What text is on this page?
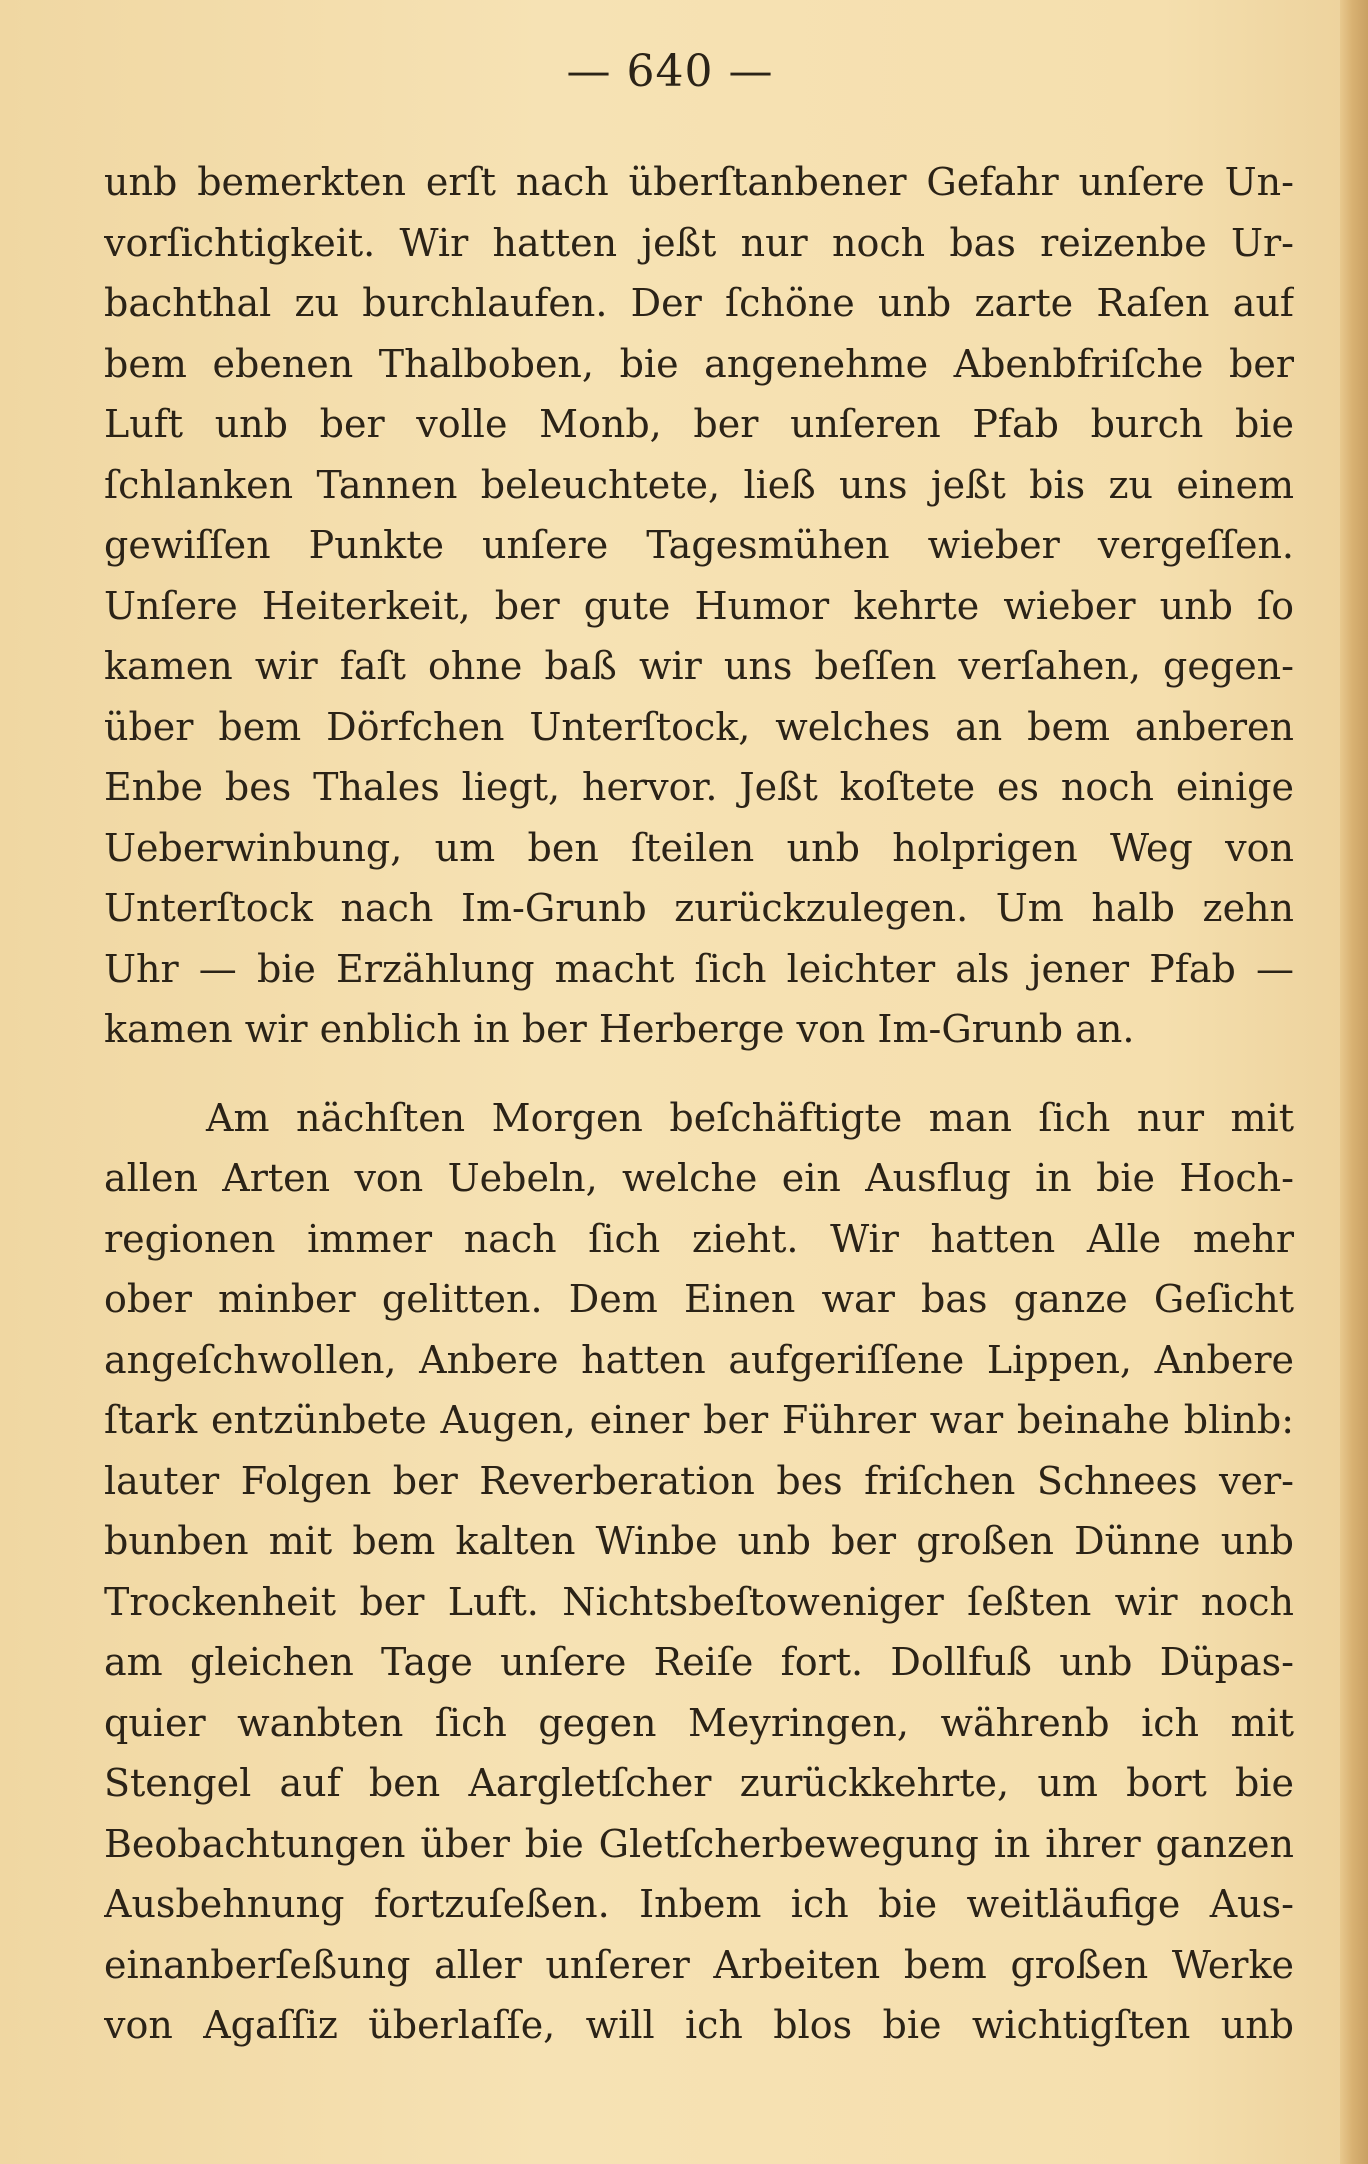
— 640 —
unb bemerkten erſt nach überſtanbener Gefahr unſere Un-
vorſichtigkeit. Wir hatten jeßt nur noch bas reizenbe Ur-
bachthal zu burchlaufen. Der ſchöne unb zarte Raſen auf
bem ebenen Thalboben, bie angenehme Abenbfriſche ber
Luft unb ber volle Monb, ber unſeren Pfab burch bie
ſchlanken Tannen beleuchtete, ließ uns jeßt bis zu einem
gewiſſen Punkte unſere Tagesmühen wieber vergeſſen.
Unſere Heiterkeit, ber gute Humor kehrte wieber unb ſo
kamen wir faſt ohne baß wir uns beſſen verſahen, gegen-
über bem Dörfchen Unterſtock, welches an bem anberen
Enbe bes Thales liegt, hervor. Jeßt koſtete es noch einige
Ueberwinbung, um ben ſteilen unb holprigen Weg von
Unterſtock nach Im-Grunb zurückzulegen. Um halb zehn
Uhr — bie Erzählung macht ſich leichter als jener Pfab —
kamen wir enblich in ber Herberge von Im-Grunb an.
Am nächſten Morgen beſchäftigte man ſich nur mit
allen Arten von Uebeln, welche ein Ausflug in bie Hoch-
regionen immer nach ſich zieht. Wir hatten Alle mehr
ober minber gelitten. Dem Einen war bas ganze Geſicht
angeſchwollen, Anbere hatten aufgeriſſene Lippen, Anbere
ſtark entzünbete Augen, einer ber Führer war beinahe blinb:
lauter Folgen ber Reverberation bes friſchen Schnees ver-
bunben mit bem kalten Winbe unb ber großen Dünne unb
Trockenheit ber Luft. Nichtsbeſtoweniger ſeßten wir noch
am gleichen Tage unſere Reiſe fort. Dollfuß unb Düpas-
quier wanbten ſich gegen Meyringen, währenb ich mit
Stengel auf ben Aargletſcher zurückkehrte, um bort bie
Beobachtungen über bie Gletſcherbewegung in ihrer ganzen
Ausbehnung fortzuſeßen. Inbem ich bie weitläufige Aus-
einanberſeßung aller unſerer Arbeiten bem großen Werke
von Agaſſiz überlaſſe, will ich blos bie wichtigſten unb
